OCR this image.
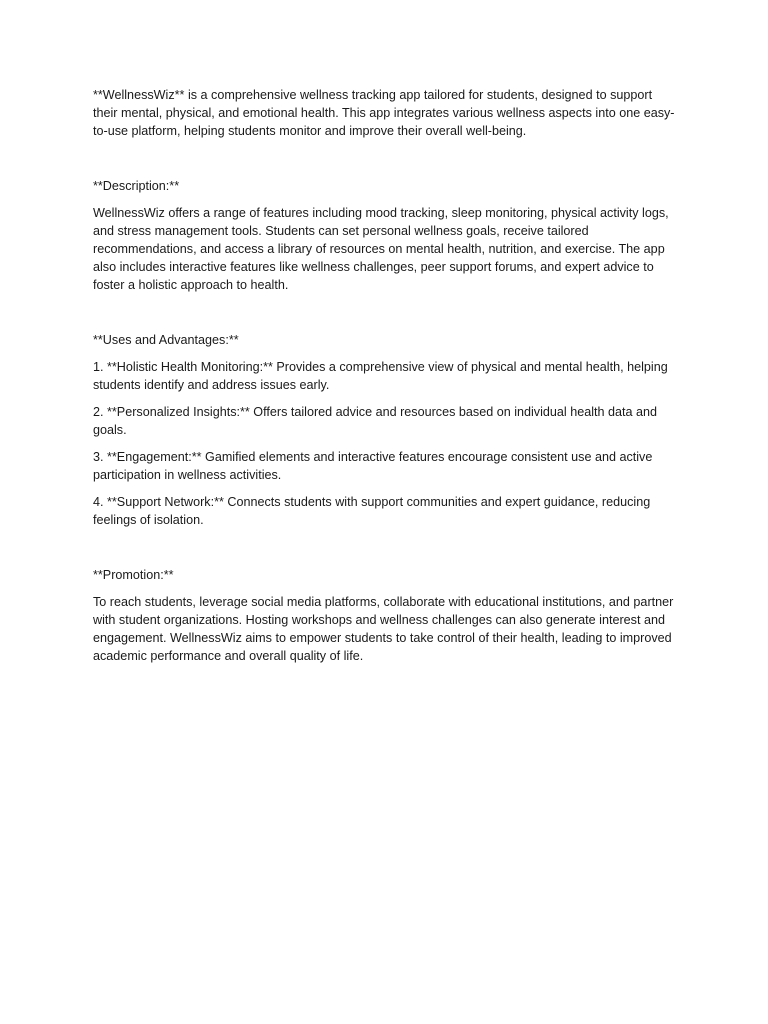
**WellnessWiz** is a comprehensive wellness tracking app tailored for students, designed to support their mental, physical, and emotional health. This app integrates various wellness aspects into one easy-to-use platform, helping students monitor and improve their overall well-being.

**Description:**

WellnessWiz offers a range of features including mood tracking, sleep monitoring, physical activity logs, and stress management tools. Students can set personal wellness goals, receive tailored recommendations, and access a library of resources on mental health, nutrition, and exercise. The app also includes interactive features like wellness challenges, peer support forums, and expert advice to foster a holistic approach to health.

**Uses and Advantages:**

1. **Holistic Health Monitoring:** Provides a comprehensive view of physical and mental health, helping students identify and address issues early.

2. **Personalized Insights:** Offers tailored advice and resources based on individual health data and goals.

3. **Engagement:** Gamified elements and interactive features encourage consistent use and active participation in wellness activities.

4. **Support Network:** Connects students with support communities and expert guidance, reducing feelings of isolation.

**Promotion:**

To reach students, leverage social media platforms, collaborate with educational institutions, and partner with student organizations. Hosting workshops and wellness challenges can also generate interest and engagement. WellnessWiz aims to empower students to take control of their health, leading to improved academic performance and overall quality of life.
